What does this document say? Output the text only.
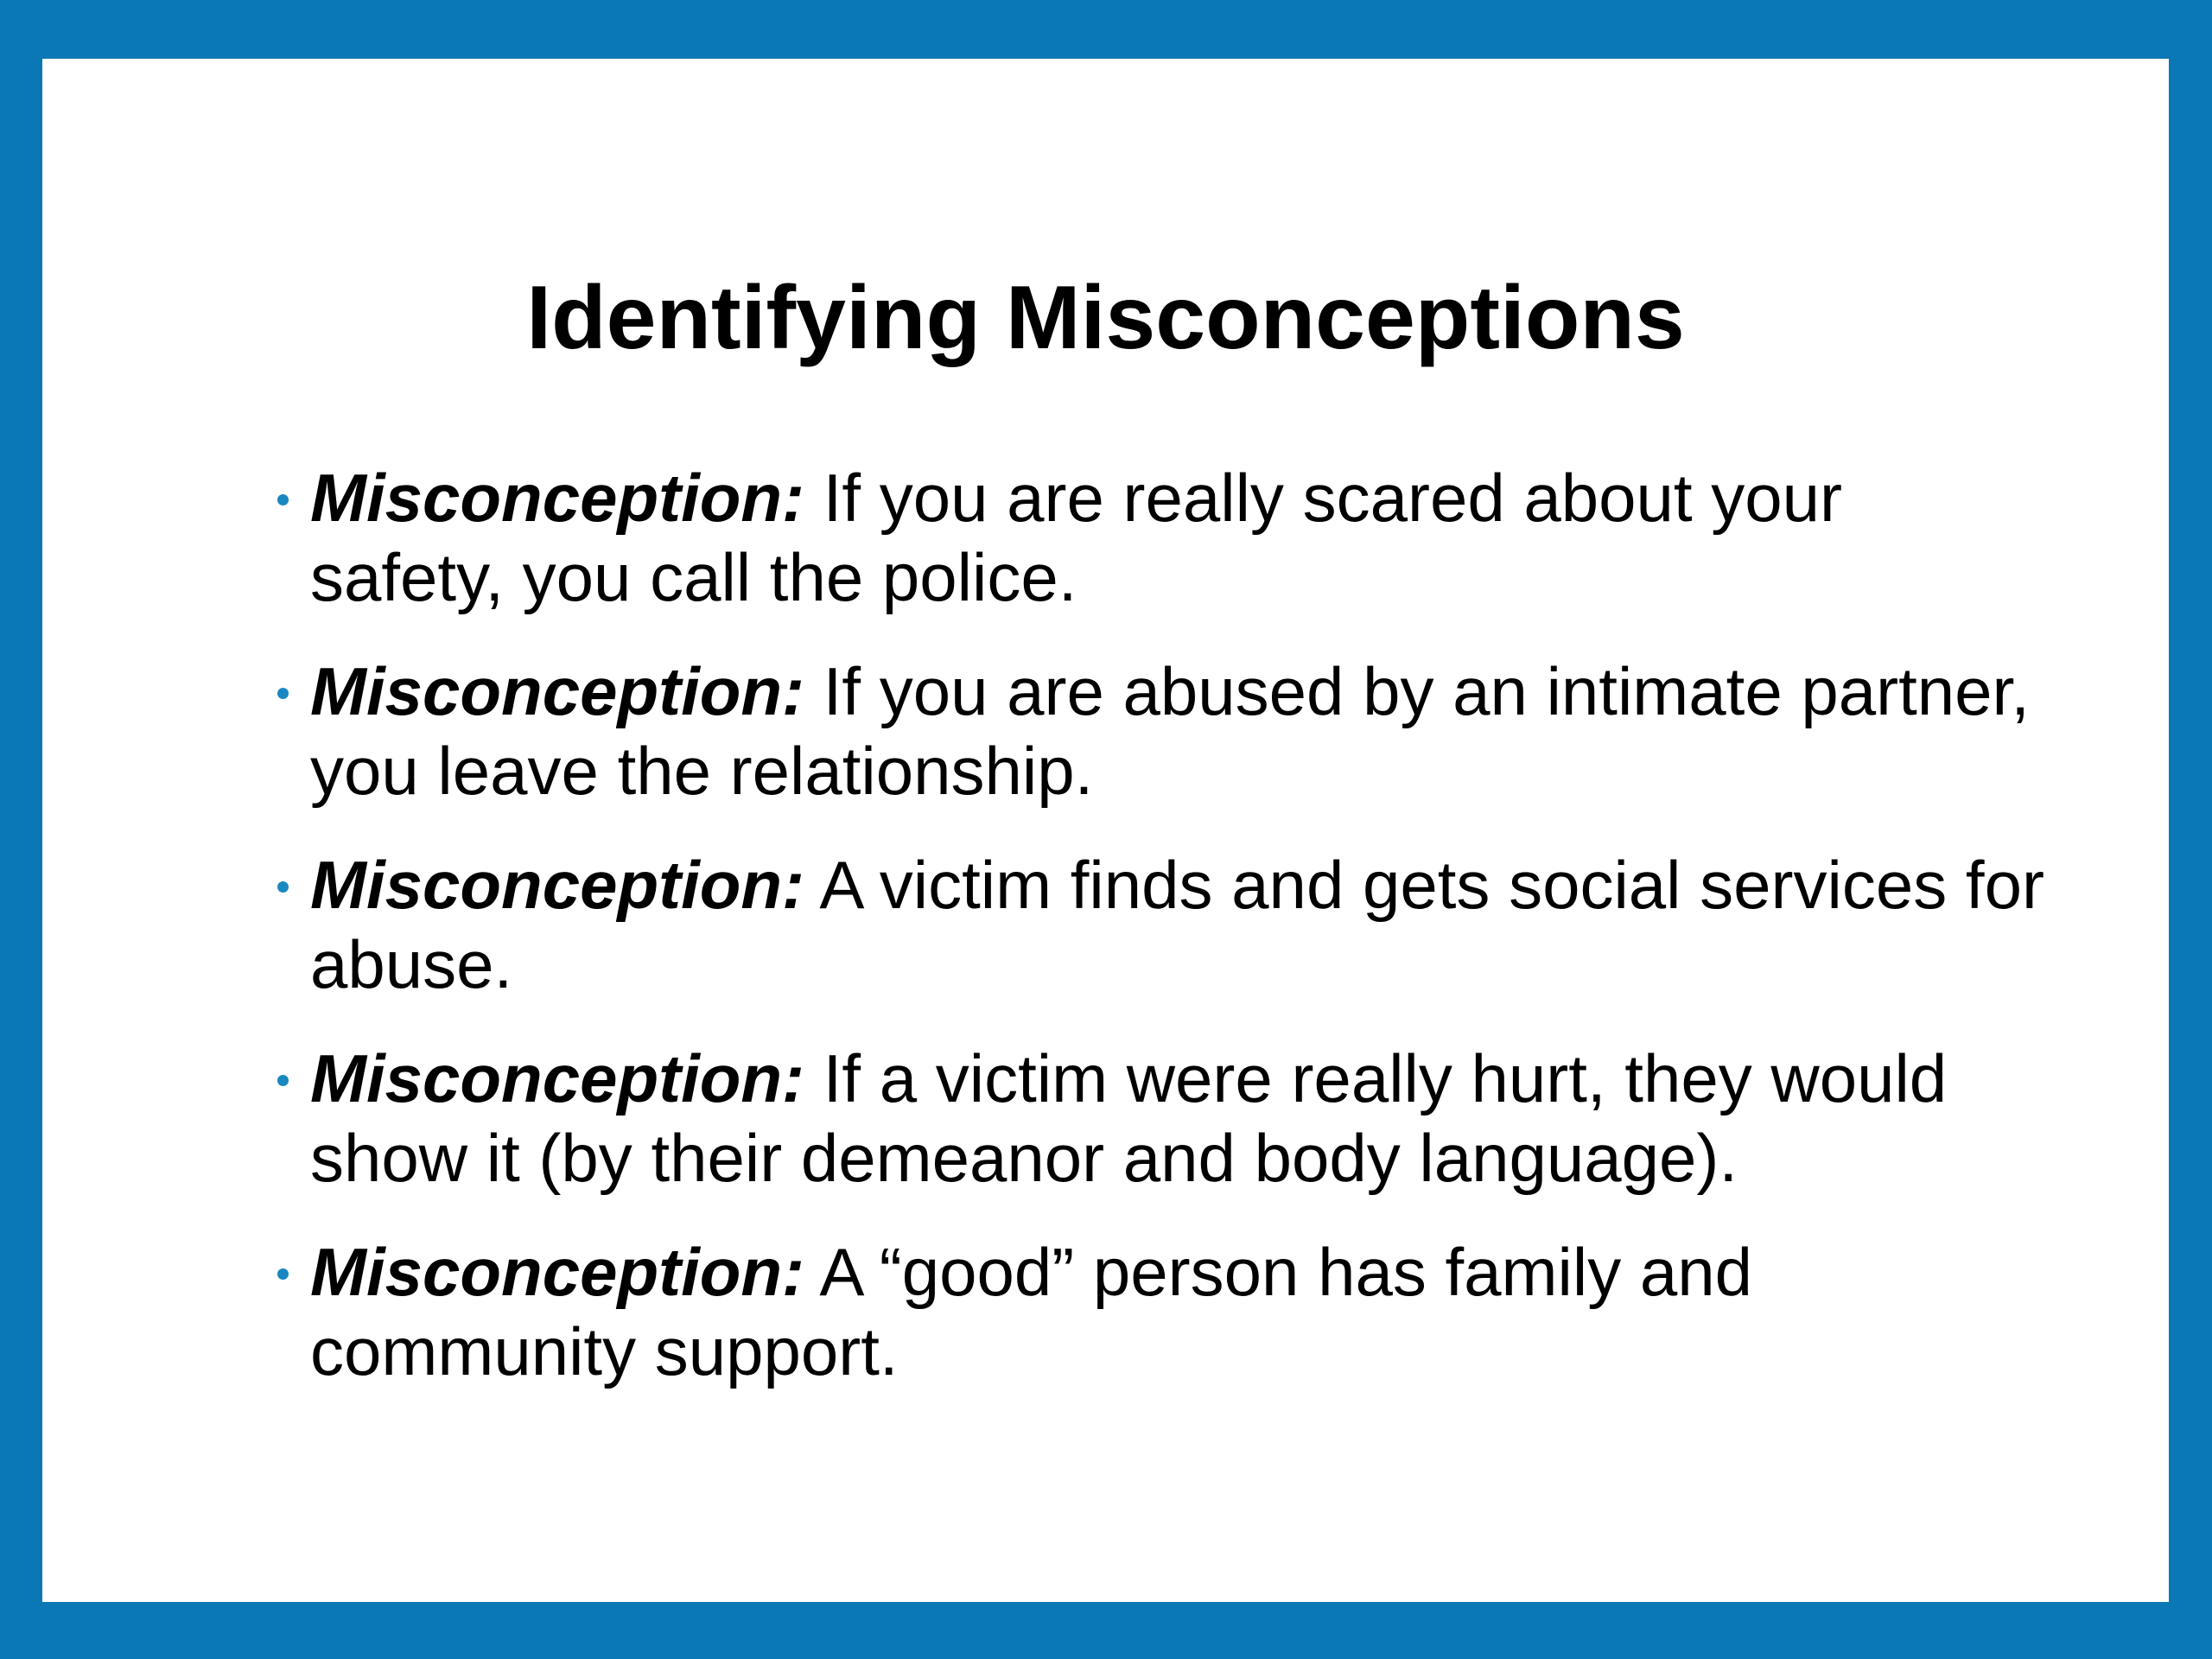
Identifying Misconceptions
Misconception: If you are really scared about your safety, you call the police.
Misconception: If you are abused by an intimate partner, you leave the relationship.
Misconception: A victim finds and gets social services for abuse.
Misconception: If a victim were really hurt, they would show it (by their demeanor and body language).
Misconception: A “good” person has family and community support.
